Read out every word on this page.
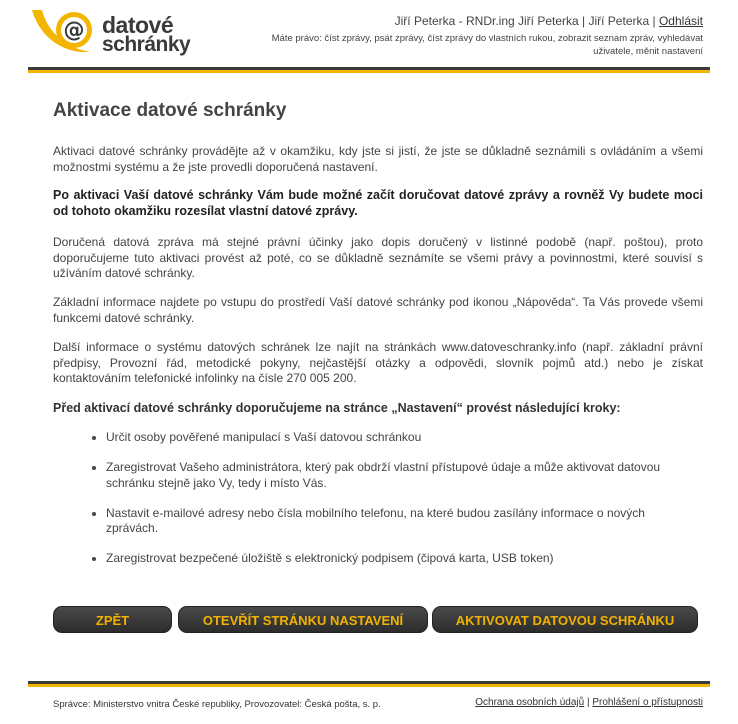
@ datové
schránky
Jiří Peterka - RNDr.ing Jiří Peterka | Jiří Peterka | Odhlásit
Máte právo: číst zprávy, psát zprávy, číst zprávy do vlastních rukou, zobrazit seznam zpráv, vyhledávat uživatele, měnit nastavení
Aktivace datové schránky

Aktivaci datové schránky provádějte až v okamžiku, kdy jste si jistí, že jste se důkladně seznámili s ovládáním a všemi možnostmi systému a že jste provedli doporučená nastavení.

Po aktivaci Vaší datové schránky Vám bude možné začít doručovat datové zprávy a rovněž Vy budete moci od tohoto okamžiku rozesílat vlastní datové zprávy.

Doručená datová zpráva má stejné právní účinky jako dopis doručený v listinné podobě (např. poštou), proto doporučujeme tuto aktivaci provést až poté, co se důkladně seznámíte se všemi právy a povinnostmi, které souvisí s užíváním datové schránky.

Základní informace najdete po vstupu do prostředí Vaší datové schránky pod ikonou „Nápověda“. Ta Vás provede všemi funkcemi datové schránky.

Další informace o systému datových schránek lze najít na stránkách www.datoveschranky.info (např. základní právní předpisy, Provozní řád, metodické pokyny, nejčastější otázky a odpovědi, slovník pojmů atd.) nebo je získat kontaktováním telefonické infolinky na čísle 270 005 200.

Před aktivací datové schránky doporučujeme na stránce „Nastavení“ provést následující kroky:

• Určit osoby pověřené manipulací s Vaší datovou schránkou
• Zaregistrovat Vašeho administrátora, který pak obdrží vlastní přístupové údaje a může aktivovat datovou schránku stejně jako Vy, tedy i místo Vás.
• Nastavit e-mailové adresy nebo čísla mobilního telefonu, na které budou zasílány informace o nových zprávách.
• Zaregistrovat bezpečené úložiště s elektronický podpisem (čipová karta, USB token)
ZPĚT	OTEVŘÍT STRÁNKU NASTAVENÍ	AKTIVOVAT DATOVOU SCHRÁNKU
Správce: Ministerstvo vnitra České republiky, Provozovatel: Česká pošta, s. p.	Ochrana osobních údajů | Prohlášení o přístupnosti
